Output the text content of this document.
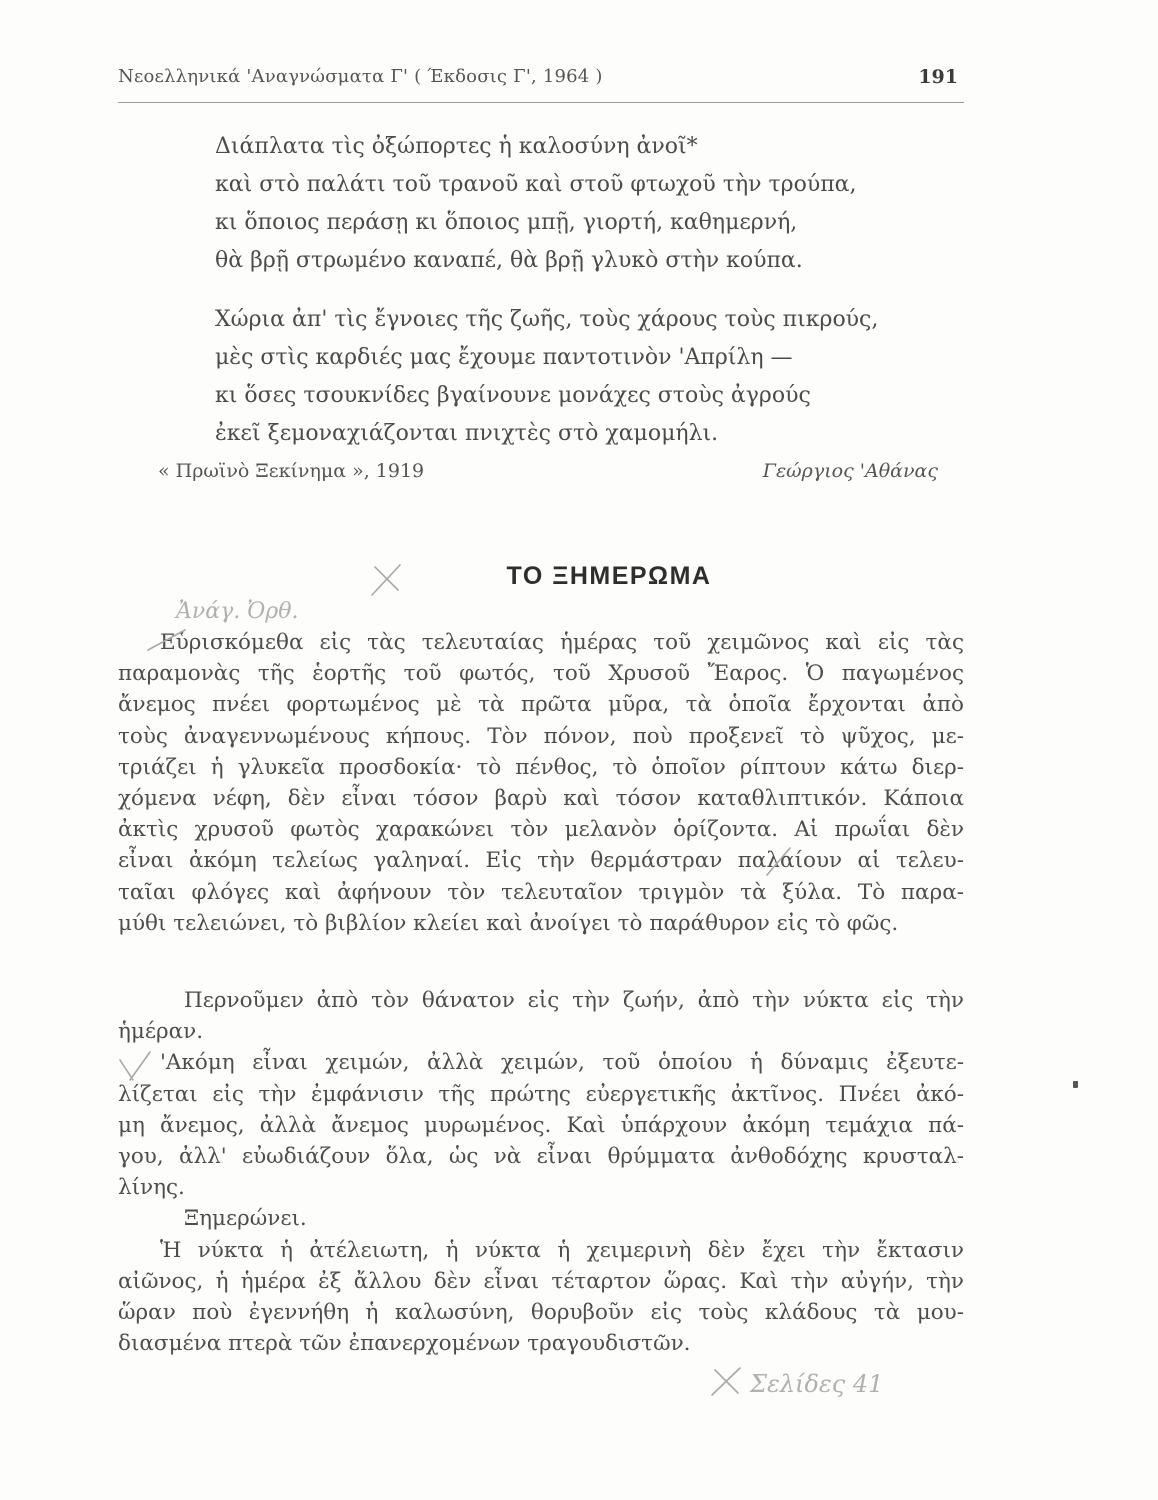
Νεοελληνικά 'Αναγνώσματα Γ' ( Έκδοσις Γ', 1964 )	191
Διάπλατα τὶς ὀξώπορτες ἡ καλοσύνη ἀνοῖ*
καὶ στὸ παλάτι τοῦ τρανοῦ καὶ στοῦ φτωχοῦ τὴν τρούπα,
κι ὅποιος περάσῃ κι ὅποιος μπῇ, γιορτή, καθημερνή,
θὰ βρῇ στρωμένο καναπέ, θὰ βρῇ γλυκὸ στὴν κούπα.
Χώρια ἀπ' τὶς ἔγνοιες τῆς ζωῆς, τοὺς χάρους τοὺς πικρούς,
μὲς στὶς καρδιές μας ἔχουμε παντοτινὸν 'Απρίλη —
κι ὅσες τσουκνίδες βγαίνουνε μονάχες στοὺς ἀγρούς
ἐκεῖ ξεμοναχιάζονται πνιχτὲς στὸ χαμομήλι.
« Πρωϊνὸ Ξεκίνημα », 1919	Γεώργιος 'Αθάνας
ΤΟ ΞΗΜΕΡΩΜΑ
Εὑρισκόμεθα εἰς τὰς τελευταίας ἡμέρας τοῦ χειμῶνος καὶ εἰς τὰς
παραμονὰς τῆς ἑορτῆς τοῦ φωτός, τοῦ Χρυσοῦ Ἔαρος. Ὁ παγωμένος
ἄνεμος πνέει φορτωμένος μὲ τὰ πρῶτα μῦρα, τὰ ὁποῖα ἔρχονται ἀπὸ
τοὺς ἀναγεννωμένους κήπους. Τὸν πόνον, ποὺ προξενεῖ τὸ ψῦχος, με-
τριάζει ἡ γλυκεῖα προσδοκία· τὸ πένθος, τὸ ὁποῖον ρίπτουν κάτω διερ-
χόμενα νέφη, δὲν εἶναι τόσον βαρὺ καὶ τόσον καταθλιπτικόν. Κάποια
ἀκτὶς χρυσοῦ φωτὸς χαρακώνει τὸν μελανὸν ὁρίζοντα. Αἱ πρωΐαι δὲν
εἶναι ἀκόμη τελείως γαληναί. Εἰς τὴν θερμάστραν παλαίουν αἱ τελευ-
ταῖαι φλόγες καὶ ἀφήνουν τὸν τελευταῖον τριγμὸν τὰ ξύλα. Τὸ παρα-
μύθι τελειώνει, τὸ βιβλίον κλείει καὶ ἀνοίγει τὸ παράθυρον εἰς τὸ φῶς.
Περνοῦμεν ἀπὸ τὸν θάνατον εἰς τὴν ζωήν, ἀπὸ τὴν νύκτα εἰς τὴν
ἡμέραν.
'Ακόμη εἶναι χειμών, ἀλλὰ χειμών, τοῦ ὁποίου ἡ δύναμις ἐξευτε-
λίζεται εἰς τὴν ἐμφάνισιν τῆς πρώτης εὐεργετικῆς ἀκτῖνος. Πνέει ἀκό-
μη ἄνεμος, ἀλλὰ ἄνεμος μυρωμένος. Καὶ ὑπάρχουν ἀκόμη τεμάχια πά-
γου, ἀλλ' εὐωδιάζουν ὅλα, ὡς νὰ εἶναι θρύμματα ἀνθοδόχης κρυσταλ-
λίνης.
Ξημερώνει.
Ἡ νύκτα ἡ ἀτέλειωτη, ἡ νύκτα ἡ χειμερινὴ δὲν ἔχει τὴν ἔκτασιν
αἰῶνος, ἡ ἡμέρα ἐξ ἄλλου δὲν εἶναι τέταρτον ὥρας. Καὶ τὴν αὐγήν, τὴν
ὥραν ποὺ ἐγεννήθη ἡ καλωσύνη, θορυβοῦν εἰς τοὺς κλάδους τὰ μου-
διασμένα πτερὰ τῶν ἐπανερχομένων τραγουδιστῶν.
Ἀνάγ. Ὀρθ.
Σελίδες 41
